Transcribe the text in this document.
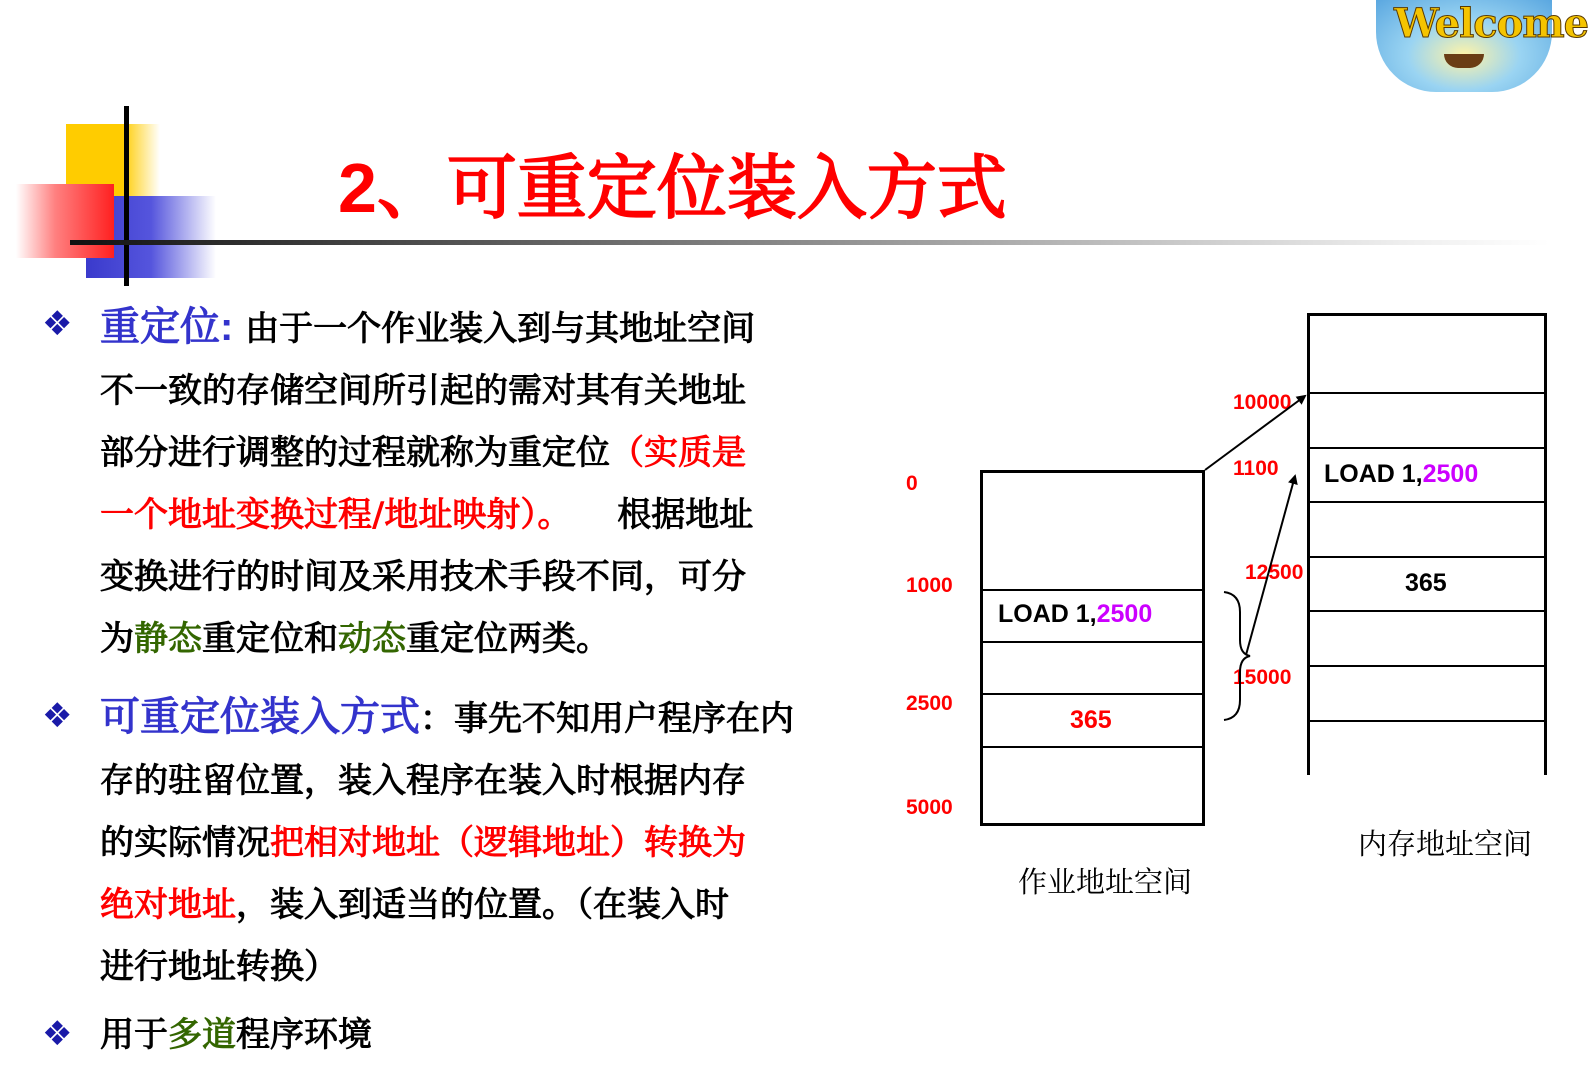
Welcome
2、可重定位装入方式
❖ 重定位: 由于一个作业装入到与其地址空间
不一致的存储空间所引起的需对其有关地址
部分进行调整的过程就称为重定位（实质是
一个地址变换过程/地址映射）。 根据地址
变换进行的时间及采用技术手段不同，可分
为静态重定位和动态重定位两类。
❖ 可重定位装入方式：事先不知用户程序在内
存的驻留位置，装入程序在装入时根据内存
的实际情况把相对地址（逻辑地址）转换为
绝对地址，装入到适当的位置。（在装入时
进行地址转换）
❖ 用于多道程序环境
LOAD 1,2500
365
0
1000
2500
5000
作业地址空间
LOAD 1,2500
365
10000
1100
12500
15000
内存地址空间
